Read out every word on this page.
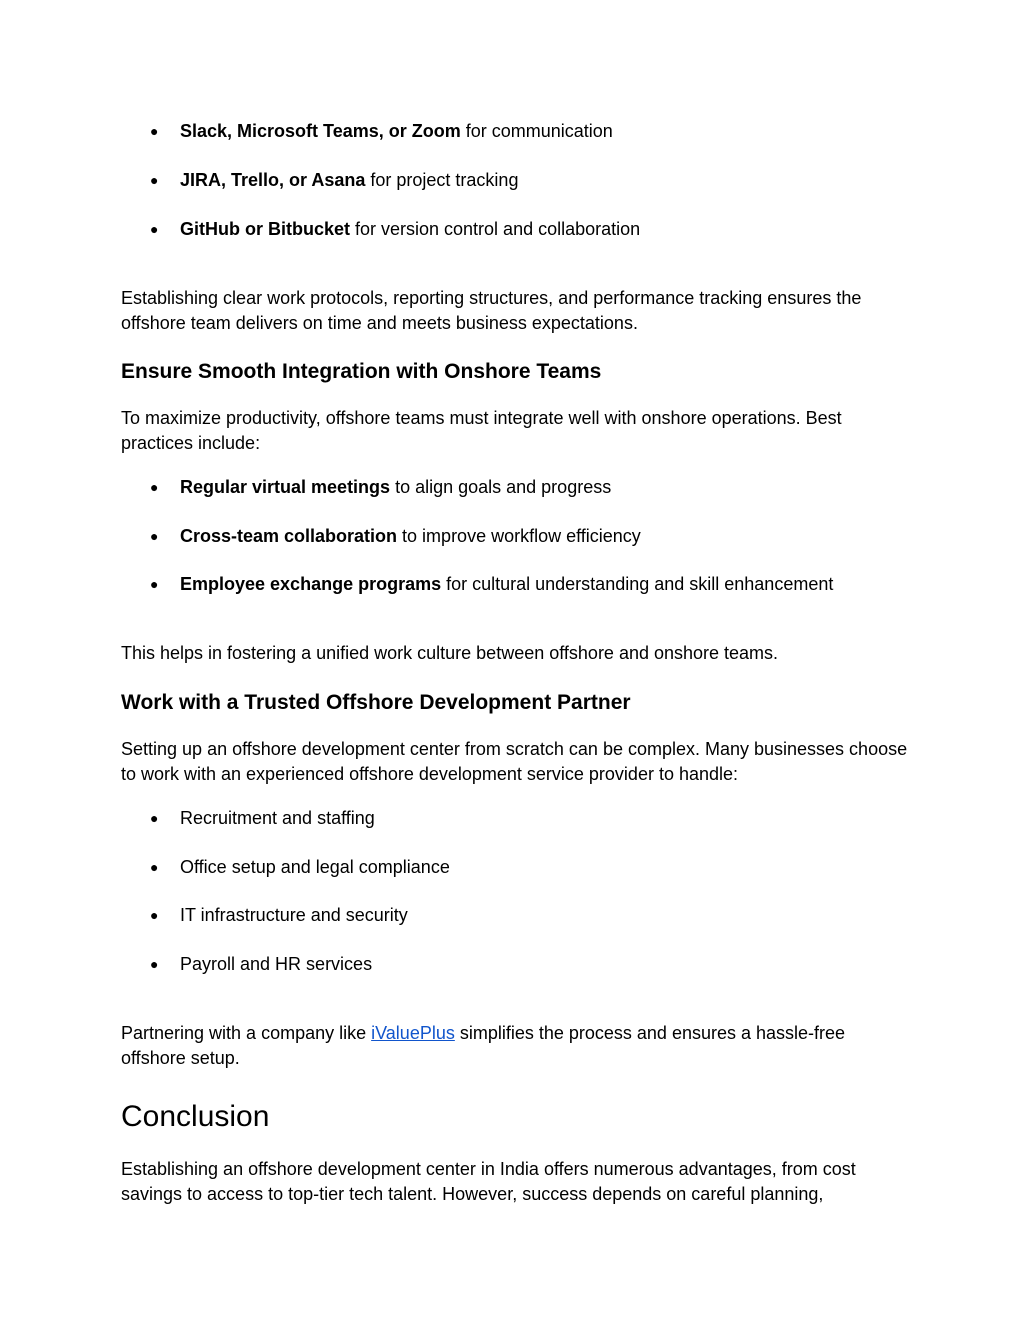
● Slack, Microsoft Teams, or Zoom for communication
● JIRA, Trello, or Asana for project tracking
● GitHub or Bitbucket for version control and collaboration

Establishing clear work protocols, reporting structures, and performance tracking ensures the offshore team delivers on time and meets business expectations.

Ensure Smooth Integration with Onshore Teams

To maximize productivity, offshore teams must integrate well with onshore operations. Best practices include:

● Regular virtual meetings to align goals and progress
● Cross-team collaboration to improve workflow efficiency
● Employee exchange programs for cultural understanding and skill enhancement

This helps in fostering a unified work culture between offshore and onshore teams.

Work with a Trusted Offshore Development Partner

Setting up an offshore development center from scratch can be complex. Many businesses choose to work with an experienced offshore development service provider to handle:

● Recruitment and staffing
● Office setup and legal compliance
● IT infrastructure and security
● Payroll and HR services

Partnering with a company like iValuePlus simplifies the process and ensures a hassle-free offshore setup.

Conclusion

Establishing an offshore development center in India offers numerous advantages, from cost savings to access to top-tier tech talent. However, success depends on careful planning,
